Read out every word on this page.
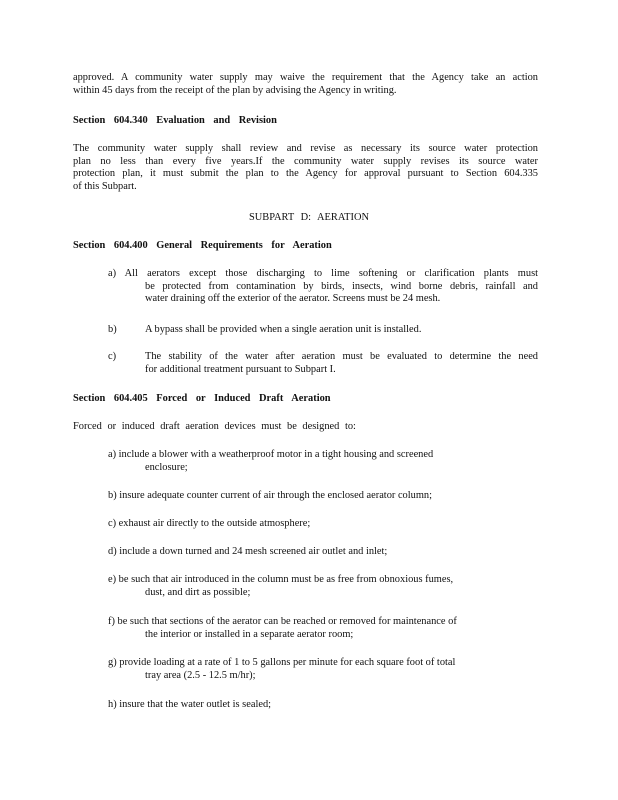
approved. A community water supply may waive the requirement that the Agency take an action
within 45 days from the receipt of the plan by advising the Agency in writing.
Section 604.340 Evaluation and Revision
The community water supply shall review and revise as necessary its source water protection
plan no less than every five years.If the community water supply revises its source water
protection plan, it must submit the plan to the Agency for approval pursuant to Section 604.335
of this Subpart.
SUBPART D: AERATION
Section 604.400 General Requirements for Aeration
a) All aerators except those discharging to lime softening or clarification plants must
be protected from contamination by birds, insects, wind borne debris, rainfall and
water draining off the exterior of the aerator. Screens must be 24 mesh.
b)	A bypass shall be provided when a single aeration unit is installed.
c)	The stability of the water after aeration must be evaluated to determine the need
for additional treatment pursuant to Subpart I.
Section 604.405 Forced or Induced Draft Aeration
Forced or induced draft aeration devices must be designed to:
a) include a blower with a weatherproof motor in a tight housing and screened
enclosure;
b) insure adequate counter current of air through the enclosed aerator column;
c) exhaust air directly to the outside atmosphere;
d) include a down turned and 24 mesh screened air outlet and inlet;
e) be such that air introduced in the column must be as free from obnoxious fumes,
dust, and dirt as possible;
f) be such that sections of the aerator can be reached or removed for maintenance of
the interior or installed in a separate aerator room;
g) provide loading at a rate of 1 to 5 gallons per minute for each square foot of total
tray area (2.5 - 12.5 m/hr);
h) insure that the water outlet is sealed;
